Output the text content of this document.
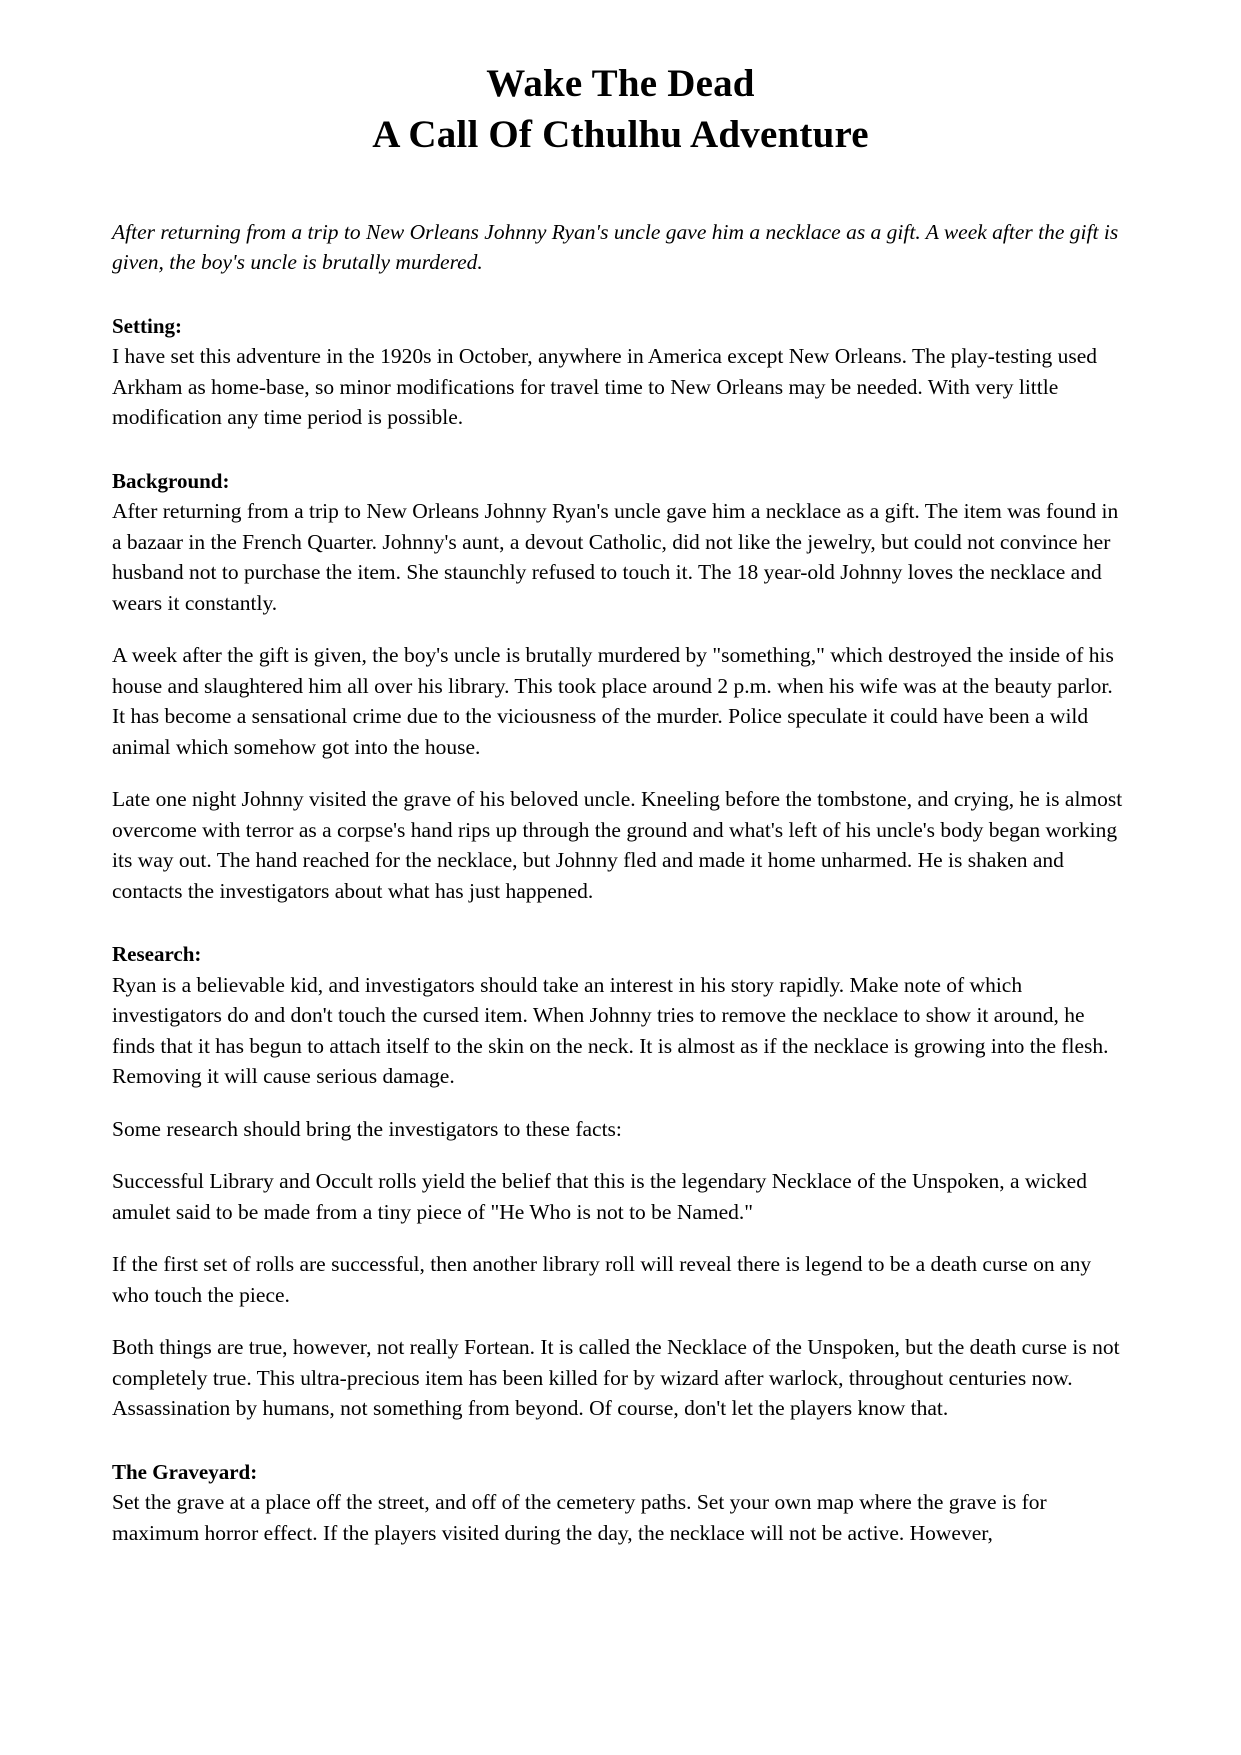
Wake The Dead
A Call Of Cthulhu Adventure
After returning from a trip to New Orleans Johnny Ryan's uncle gave him a necklace as a gift. A week after the gift is given, the boy's uncle is brutally murdered.
Setting:

I have set this adventure in the 1920s in October, anywhere in America except New Orleans. The play-testing used Arkham as home-base, so minor modifications for travel time to New Orleans may be needed. With very little modification any time period is possible.

Background:

After returning from a trip to New Orleans Johnny Ryan's uncle gave him a necklace as a gift. The item was found in a bazaar in the French Quarter. Johnny's aunt, a devout Catholic, did not like the jewelry, but could not convince her husband not to purchase the item. She staunchly refused to touch it. The 18 year-old Johnny loves the necklace and wears it constantly.

A week after the gift is given, the boy's uncle is brutally murdered by "something," which destroyed the inside of his house and slaughtered him all over his library. This took place around 2 p.m. when his wife was at the beauty parlor. It has become a sensational crime due to the viciousness of the murder. Police speculate it could have been a wild animal which somehow got into the house.

Late one night Johnny visited the grave of his beloved uncle. Kneeling before the tombstone, and crying, he is almost overcome with terror as a corpse's hand rips up through the ground and what's left of his uncle's body began working its way out. The hand reached for the necklace, but Johnny fled and made it home unharmed. He is shaken and contacts the investigators about what has just happened.

Research:

Ryan is a believable kid, and investigators should take an interest in his story rapidly. Make note of which investigators do and don't touch the cursed item. When Johnny tries to remove the necklace to show it around, he finds that it has begun to attach itself to the skin on the neck. It is almost as if the necklace is growing into the flesh. Removing it will cause serious damage.

Some research should bring the investigators to these facts:

Successful Library and Occult rolls yield the belief that this is the legendary Necklace of the Unspoken, a wicked amulet said to be made from a tiny piece of "He Who is not to be Named."

If the first set of rolls are successful, then another library roll will reveal there is legend to be a death curse on any who touch the piece.

Both things are true, however, not really Fortean. It is called the Necklace of the Unspoken, but the death curse is not completely true. This ultra-precious item has been killed for by wizard after warlock, throughout centuries now. Assassination by humans, not something from beyond. Of course, don't let the players know that.

The Graveyard:

Set the grave at a place off the street, and off of the cemetery paths. Set your own map where the grave is for maximum horror effect. If the players visited during the day, the necklace will not be active. However,
